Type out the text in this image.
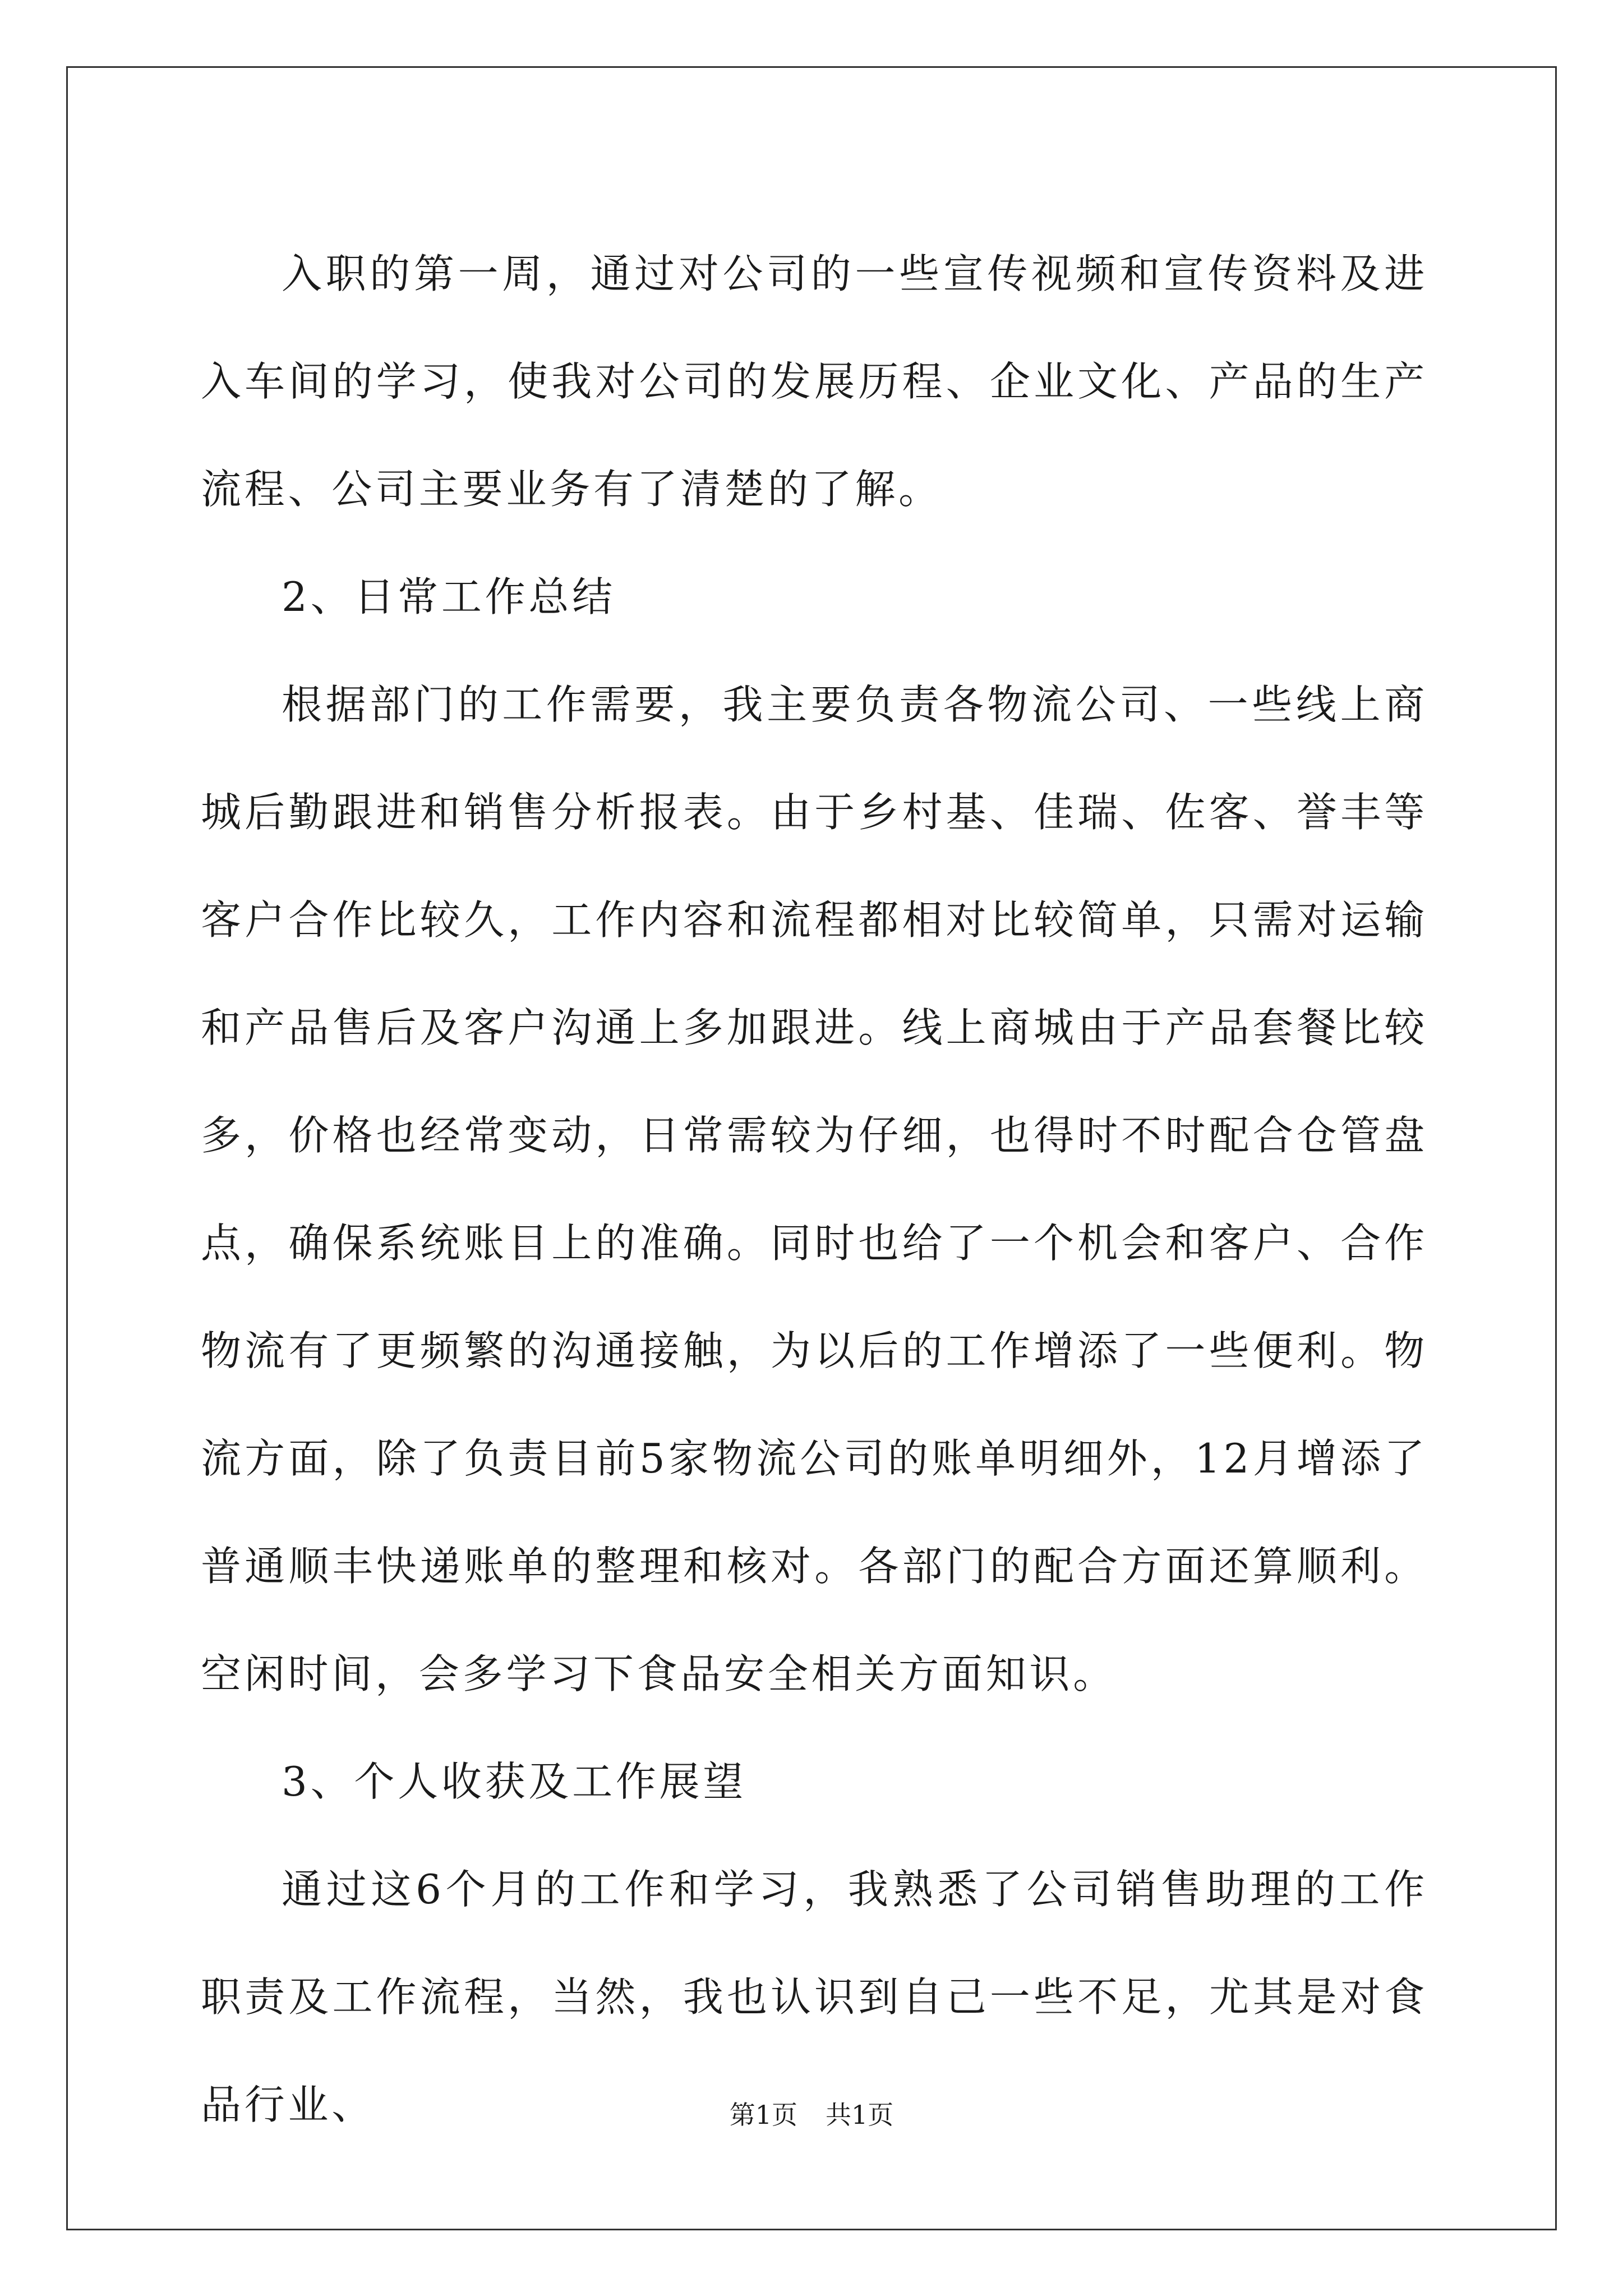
入职的第一周，通过对公司的一些宣传视频和宣传资料及进入车间的学习，使我对公司的发展历程、企业文化、产品的生产流程、公司主要业务有了清楚的了解。

2、日常工作总结

根据部门的工作需要，我主要负责各物流公司、一些线上商城后勤跟进和销售分析报表。由于乡村基、佳瑞、佐客、誉丰等客户合作比较久，工作内容和流程都相对比较简单，只需对运输和产品售后及客户沟通上多加跟进。线上商城由于产品套餐比较多，价格也经常变动，日常需较为仔细，也得时不时配合仓管盘点，确保系统账目上的准确。同时也给了一个机会和客户、合作物流有了更频繁的沟通接触，为以后的工作增添了一些便利。物流方面，除了负责目前5家物流公司的账单明细外，12月增添了普通顺丰快递账单的整理和核对。各部门的配合方面还算顺利。空闲时间，会多学习下食品安全相关方面知识。

3、个人收获及工作展望

通过这6个月的工作和学习，我熟悉了公司销售助理的工作职责及工作流程，当然，我也认识到自己一些不足，尤其是对食品行业、	第1页 共1页
